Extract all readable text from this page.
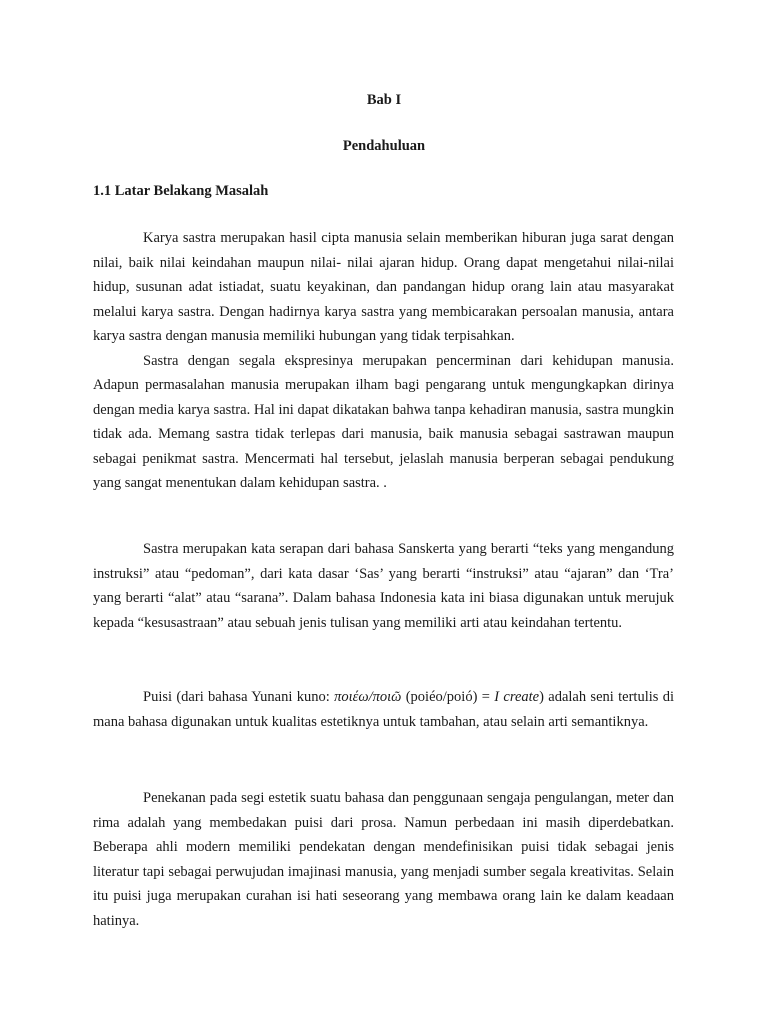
Bab I
Pendahuluan
1.1 Latar Belakang Masalah

Karya sastra merupakan hasil cipta manusia selain memberikan hiburan juga sarat dengan nilai, baik nilai keindahan maupun nilai- nilai ajaran hidup. Orang dapat mengetahui nilai-nilai hidup, susunan adat istiadat, suatu keyakinan, dan pandangan hidup orang lain atau masyarakat melalui karya sastra. Dengan hadirnya karya sastra yang membicarakan persoalan manusia, antara karya sastra dengan manusia memiliki hubungan yang tidak terpisahkan.

Sastra dengan segala ekspresinya merupakan pencerminan dari kehidupan manusia. Adapun permasalahan manusia merupakan ilham bagi pengarang untuk mengungkapkan dirinya dengan media karya sastra. Hal ini dapat dikatakan bahwa tanpa kehadiran manusia, sastra mungkin tidak ada. Memang sastra tidak terlepas dari manusia, baik manusia sebagai sastrawan maupun sebagai penikmat sastra. Mencermati hal tersebut, jelaslah manusia berperan sebagai pendukung yang sangat menentukan dalam kehidupan sastra. .

Sastra merupakan kata serapan dari bahasa Sanskerta yang berarti “teks yang mengandung instruksi” atau “pedoman”, dari kata dasar ‘Sas’ yang berarti “instruksi” atau “ajaran” dan ‘Tra’ yang berarti “alat” atau “sarana”. Dalam bahasa Indonesia kata ini biasa digunakan untuk merujuk kepada “kesusastraan” atau sebuah jenis tulisan yang memiliki arti atau keindahan tertentu.

Puisi (dari bahasa Yunani kuno: ποιέω/ποιῶ (poiéo/poió) = I create) adalah seni tertulis di mana bahasa digunakan untuk kualitas estetiknya untuk tambahan, atau selain arti semantiknya.

Penekanan pada segi estetik suatu bahasa dan penggunaan sengaja pengulangan, meter dan rima adalah yang membedakan puisi dari prosa. Namun perbedaan ini masih diperdebatkan. Beberapa ahli modern memiliki pendekatan dengan mendefinisikan puisi tidak sebagai jenis literatur tapi sebagai perwujudan imajinasi manusia, yang menjadi sumber segala kreativitas. Selain itu puisi juga merupakan curahan isi hati seseorang yang membawa orang lain ke dalam keadaan hatinya.
